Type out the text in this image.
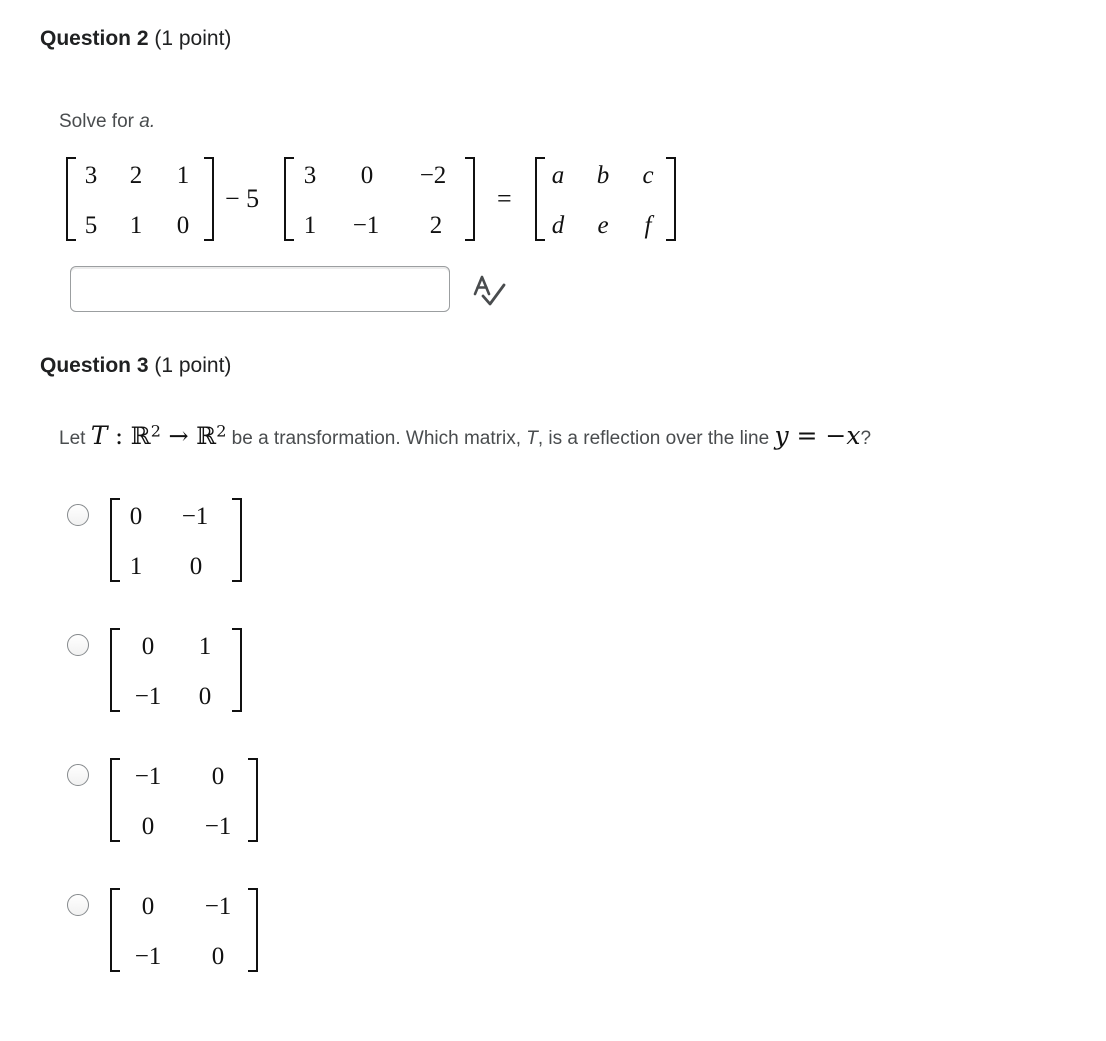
Question 2 (1 point)
Solve for a.
3 2 1
5 1 0
− 5
3 0	−2
1	−1	2
=
a b c
d e	f
Question 3 (1 point)
Let T : ℝ$^2$ → ℝ$^2$ be a transformation. Which matrix, T, is a reflection over the line y = −x?
0	−1
1 0
0 1
−1	0
−1	0
0	−1
0	−1
−1	0
